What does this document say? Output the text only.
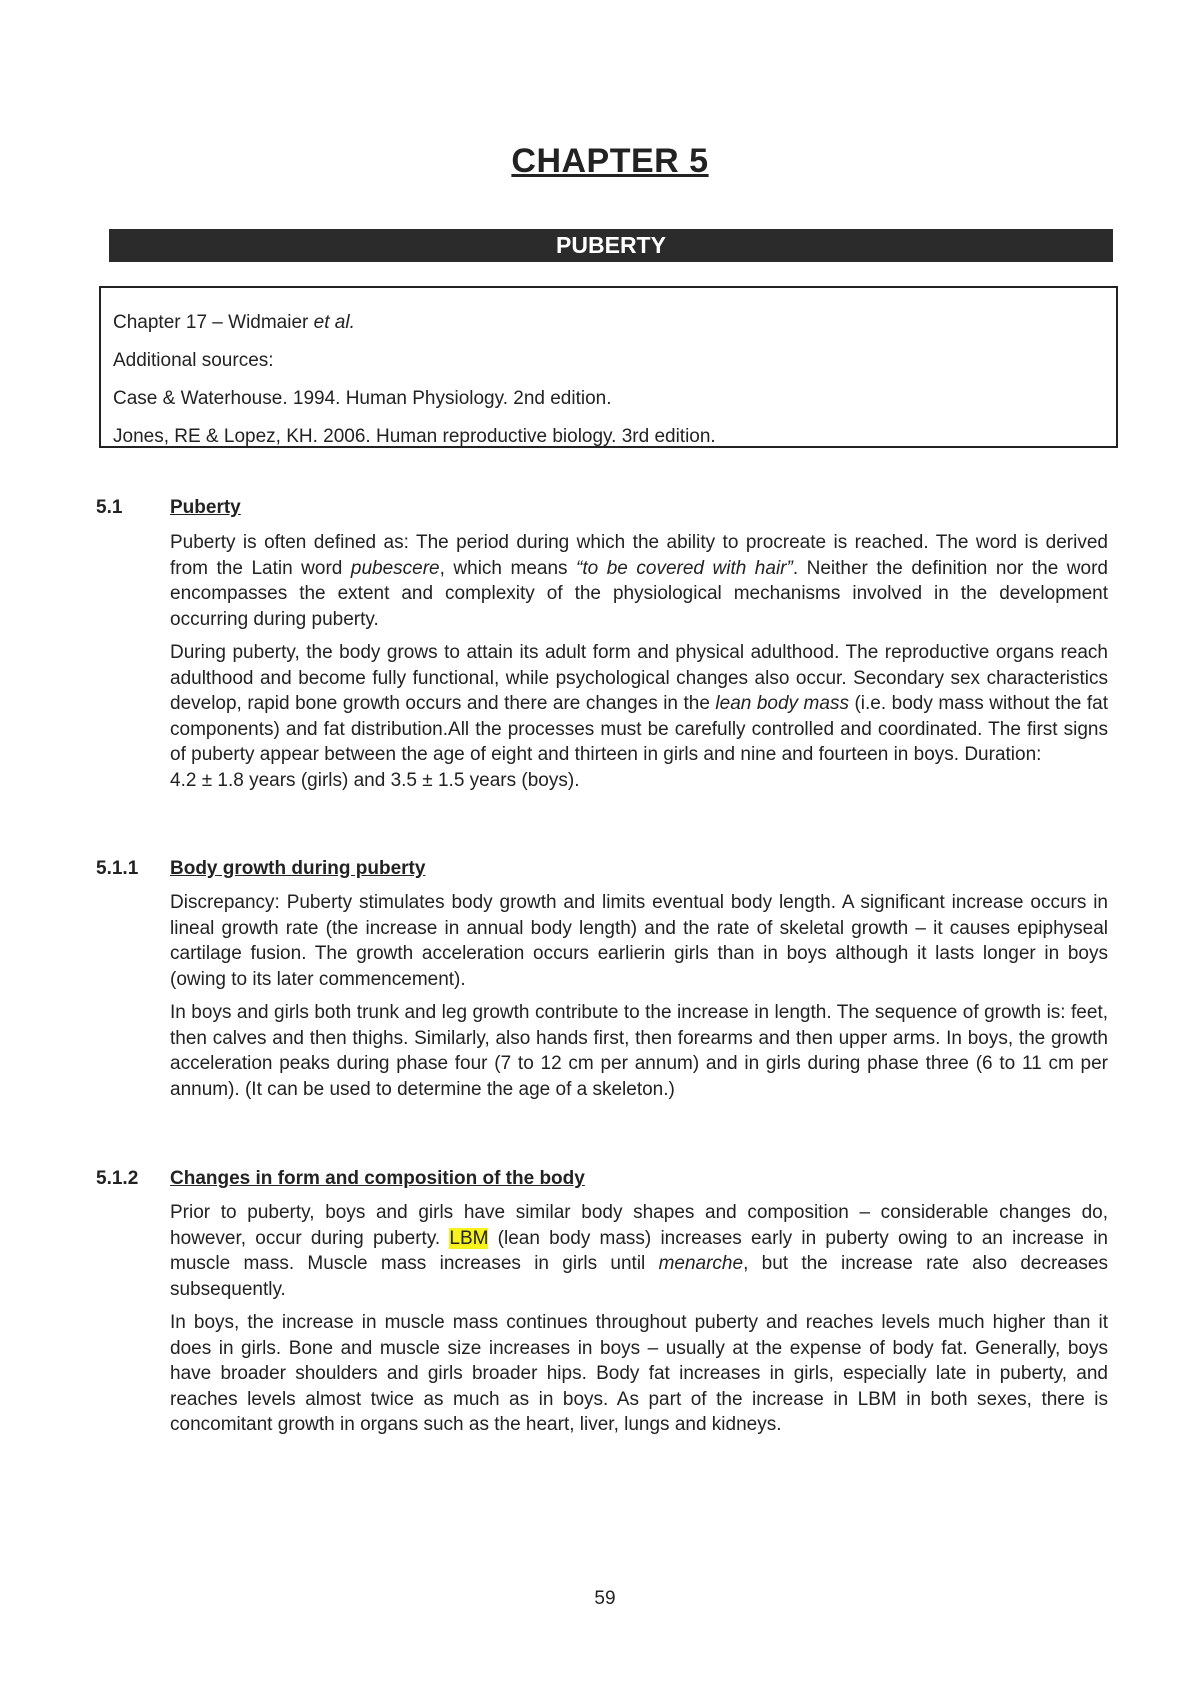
CHAPTER 5
PUBERTY
Chapter 17 – Widmaier et al.
Additional sources:
Case & Waterhouse. 1994. Human Physiology. 2nd edition.
Jones, RE & Lopez, KH. 2006. Human reproductive biology. 3rd edition.
5.1	Puberty

Puberty is often defined as: The period during which the ability to procreate is reached. The word is derived from the Latin word pubescere, which means “to be covered with hair”. Neither the definition nor the word encompasses the extent and complexity of the physiological mechanisms involved in the development occurring during puberty.

During puberty, the body grows to attain its adult form and physical adulthood. The reproductive organs reach adulthood and become fully functional, while psychological changes also occur. Secondary sex characteristics develop, rapid bone growth occurs and there are changes in the lean body mass (i.e. body mass without the fat components) and fat distribution.All the processes must be carefully controlled and coordinated. The first signs of puberty appear between the age of eight and thirteen in girls and nine and fourteen in boys. Duration:
4.2 ± 1.8 years (girls) and 3.5 ± 1.5 years (boys).

5.1.1 Body growth during puberty

Discrepancy: Puberty stimulates body growth and limits eventual body length. A significant increase occurs in lineal growth rate (the increase in annual body length) and the rate of skeletal growth – it causes epiphyseal cartilage fusion. The growth acceleration occurs earlierin girls than in boys although it lasts longer in boys (owing to its later commencement).

In boys and girls both trunk and leg growth contribute to the increase in length. The sequence of growth is: feet, then calves and then thighs. Similarly, also hands first, then forearms and then upper arms. In boys, the growth acceleration peaks during phase four (7 to 12 cm per annum) and in girls during phase three (6 to 11 cm per annum). (It can be used to determine the age of a skeleton.)

5.1.2 Changes in form and composition of the body

Prior to puberty, boys and girls have similar body shapes and composition – considerable changes do, however, occur during puberty. LBM (lean body mass) increases early in puberty owing to an increase in muscle mass. Muscle mass increases in girls until menarche, but the increase rate also decreases subsequently.

In boys, the increase in muscle mass continues throughout puberty and reaches levels much higher than it does in girls. Bone and muscle size increases in boys – usually at the expense of body fat. Generally, boys have broader shoulders and girls broader hips. Body fat increases in girls, especially late in puberty, and reaches levels almost twice as much as in boys. As part of the increase in LBM in both sexes, there is concomitant growth in organs such as the heart, liver, lungs and kidneys.

59
